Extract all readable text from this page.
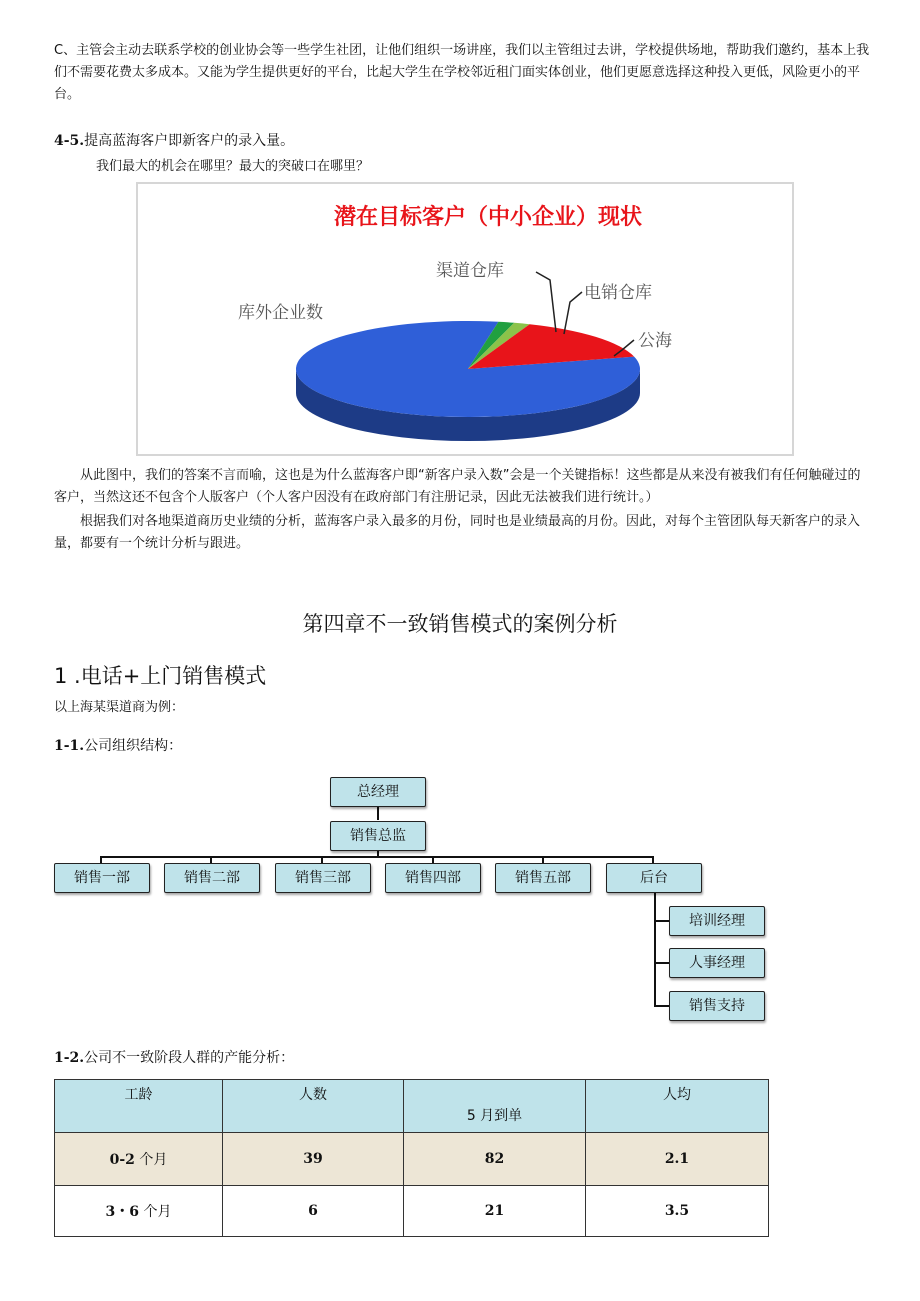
C、主管会主动去联系学校的创业协会等一些学生社团，让他们组织一场讲座，我们以主管组过去讲，学校提供场地，帮助我们邀约，基本上我们不需要花费太多成本。又能为学生提供更好的平台，比起大学生在学校邻近租门面实体创业，他们更愿意选择这种投入更低，风险更小的平台。

4-5.提高蓝海客户即新客户的录入量。

我们最大的机会在哪里？最大的突破口在哪里？

潜在目标客户（中小企业）现状
库外企业数
渠道仓库
电销仓库
公海

从此图中，我们的答案不言而喻，这也是为什么蓝海客户即“新客户录入数”会是一个关键指标！这些都是从来没有被我们有任何触碰过的客户，当然这还不包含个人版客户（个人客户因没有在政府部门有注册记录，因此无法被我们进行统计。）

根据我们对各地渠道商历史业绩的分析，蓝海客户录入最多的月份，同时也是业绩最高的月份。因此，对每个主管团队每天新客户的录入量，都要有一个统计分析与跟进。

第四章不一致销售模式的案例分析
1 .电话+上门销售模式

以上海某渠道商为例：

1-1.公司组织结构：

总经理
销售总监
销售一部	销售二部	销售三部	销售四部	销售五部	后台
培训经理
人事经理
销售支持

1-2.公司不一致阶段人群的产能分析：

工龄	人数	5 月到单	人均

0-2 个月	39	82	2.1
3・6 个月	6	21	3.5
